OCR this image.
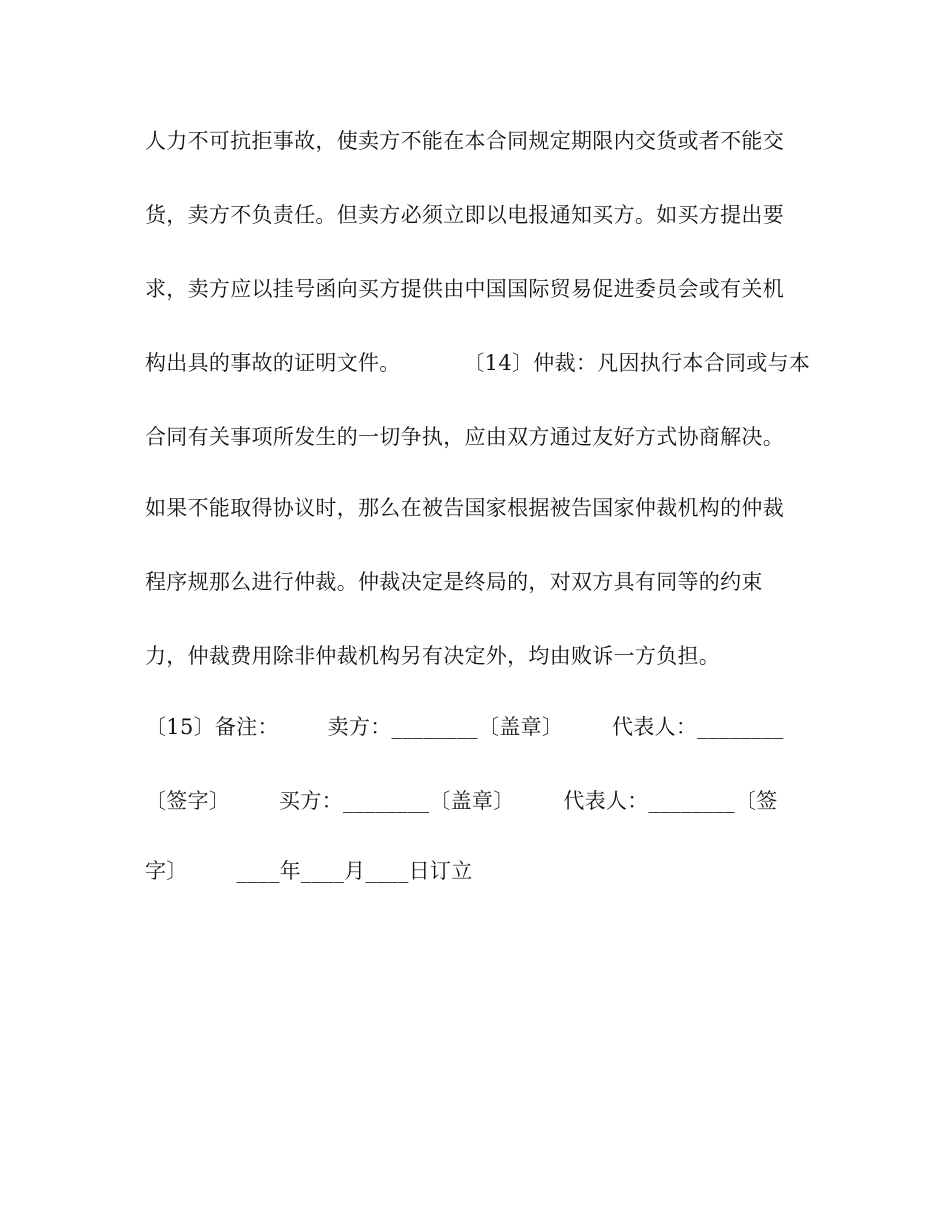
人力不可抗拒事故，使卖方不能在本合同规定期限内交货或者不能交
货，卖方不负责任。但卖方必须立即以电报通知买方。如买方提出要
求，卖方应以挂号函向买方提供由中国国际贸易促进委员会或有关机
构出具的事故的证明文件。         〔14〕仲裁：凡因执行本合同或与本
合同有关事项所发生的一切争执，应由双方通过友好方式协商解决。
如果不能取得协议时，那么在被告国家根据被告国家仲裁机构的仲裁
程序规那么进行仲裁。仲裁决定是终局的，对双方具有同等的约束
力，仲裁费用除非仲裁机构另有决定外，均由败诉一方负担。
〔15〕备注：       卖方：________〔盖章〕       代表人：________
〔签字〕       买方：________〔盖章〕       代表人：________〔签
字〕       ____年____月____日订立
